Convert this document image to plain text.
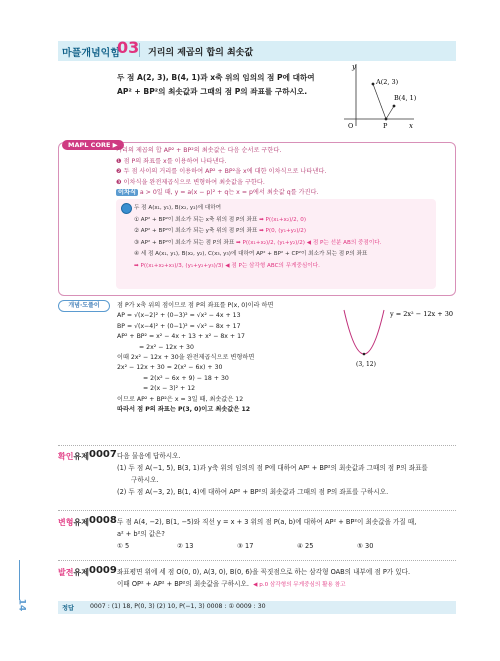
마플개념익힘
03 거리의 제곱의 합의 최솟값

두 점 A(2, 3), B(4, 1)과 x축 위의 임의의 점 P에 대하여

AP² + BP²의 최솟값과 그때의 점 P의 좌표를 구하시오.

y
x
O
A(2, 3)
B(4, 1)
P
MAPL CORE ▶

거리의 제곱의 합 AP² + BP²의 최솟값은 다음 순서로 구한다.

❶ 점 P의 좌표를 x를 이용하여 나타낸다.

❷ 두 점 사이의 거리를 이용하여 AP² + BP²을 x에 대한 이차식으로 나타낸다.

❸ 이차식을 완전제곱식으로 변형하여 최솟값을 구한다.

이차식 a > 0일 때, y = a(x − p)² + q는 x = p에서 최솟값 q를 가진다.

두 점 A(x₁, y₁), B(x₂, y₂)에 대하여

① AP² + BP²이 최소가 되는 x축 위의 점 P의 좌표 ➡ P((x₁+x₂)/2, 0)

② AP² + BP²이 최소가 되는 y축 위의 점 P의 좌표 ➡ P(0, (y₁+y₂)/2)

③ AP² + BP²이 최소가 되는 점 P의 좌표 ➡ P((x₁+x₂)/2, (y₁+y₂)/2) ◀ 점 P는 선분 AB의 중점이다.

④ 세 점 A(x₁, y₁), B(x₂, y₂), C(x₃, y₃)에 대하여 AP² + BP² + CP²이 최소가 되는 점 P의 좌표

➡ P((x₁+x₂+x₃)/3, (y₁+y₂+y₃)/3) ◀ 점 P는 삼각형 ABC의 무게중심이다.

개념·도풀이	점 P가 x축 위의 점이므로 점 P의 좌표를 P(x, 0)이라 하면

AP = √(x−2)² + (0−3)² = √x² − 4x + 13

BP = √(x−4)² + (0−1)² = √x² − 8x + 17

AP² + BP² = x² − 4x + 13 + x² − 8x + 17

= 2x² − 12x + 30

이때 2x² − 12x + 30을 완전제곱식으로 변형하면

2x² − 12x + 30 = 2(x² − 6x) + 30

= 2(x² − 6x + 9) − 18 + 30

= 2(x − 3)² + 12

이므로 AP² + BP²은 x = 3일 때, 최솟값은 12

따라서 점 P의 좌표는 P(3, 0)이고 최솟값은 12

y = 2x² − 12x + 30
(3, 12)
확인유제 0007 다음 물음에 답하시오.

(1) 두 점 A(−1, 5), B(3, 1)과 y축 위의 임의의 점 P에 대하여 AP² + BP²의 최솟값과 그때의 점 P의 좌표를

구하시오.

(2) 두 점 A(−3, 2), B(1, 4)에 대하여 AP² + BP²의 최솟값과 그때의 점 P의 좌표를 구하시오.

변형유제 0008 두 점 A(4, −2), B(1, −5)와 직선 y = x + 3 위의 점 P(a, b)에 대하여 AP² + BP²이 최솟값을 가질 때,

a² + b²의 값은?

① 5	② 13	③ 17	④ 25	⑤ 30

발전유제 0009 좌표평면 위에 세 점 O(0, 0), A(3, 0), B(0, 6)을 꼭짓점으로 하는 삼각형 OAB의 내부에 점 P가 있다.

이때 OP² + AP² + BP²의 최솟값을 구하시오. ◀ p.0 삼각형의 무게중심의 활용 참고

정답	0007 : (1) 18, P(0, 3) (2) 10, P(−1, 3) 0008 : ① 0009 : 30
14
